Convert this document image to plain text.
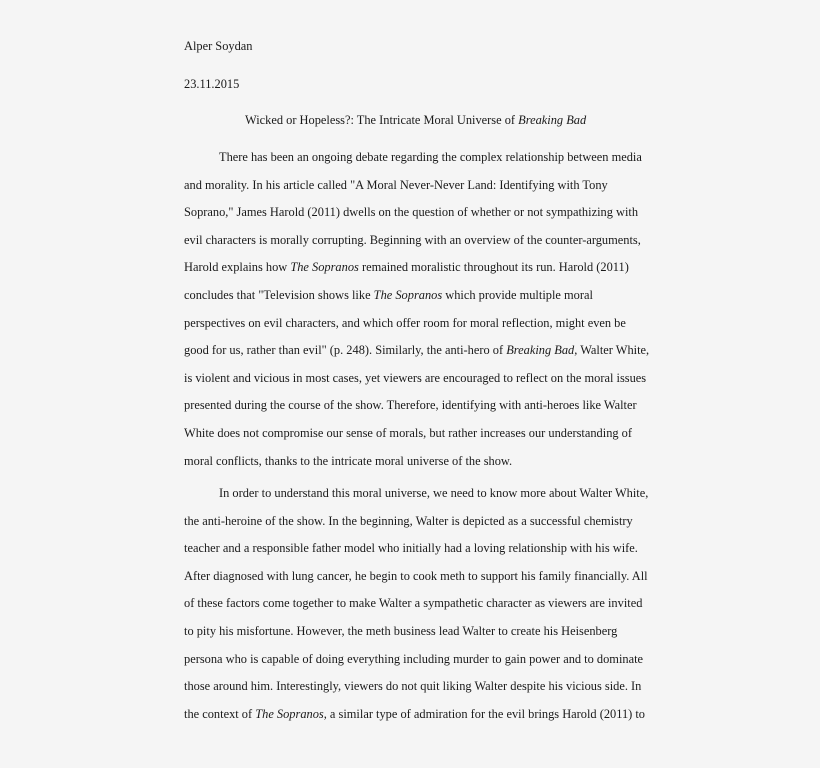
Alper Soydan
23.11.2015
Wicked or Hopeless?: The Intricate Moral Universe of Breaking Bad
There has been an ongoing debate regarding the complex relationship between media
and morality. In his article called "A Moral Never-Never Land: Identifying with Tony
Soprano," James Harold (2011) dwells on the question of whether or not sympathizing with
evil characters is morally corrupting. Beginning with an overview of the counter-arguments,
Harold explains how The Sopranos remained moralistic throughout its run. Harold (2011)
concludes that "Television shows like The Sopranos which provide multiple moral
perspectives on evil characters, and which offer room for moral reflection, might even be
good for us, rather than evil" (p. 248). Similarly, the anti-hero of Breaking Bad, Walter White,
is violent and vicious in most cases, yet viewers are encouraged to reflect on the moral issues
presented during the course of the show. Therefore, identifying with anti-heroes like Walter
White does not compromise our sense of morals, but rather increases our understanding of
moral conflicts, thanks to the intricate moral universe of the show.
In order to understand this moral universe, we need to know more about Walter White,
the anti-heroine of the show. In the beginning, Walter is depicted as a successful chemistry
teacher and a responsible father model who initially had a loving relationship with his wife.
After diagnosed with lung cancer, he begin to cook meth to support his family financially. All
of these factors come together to make Walter a sympathetic character as viewers are invited
to pity his misfortune. However, the meth business lead Walter to create his Heisenberg
persona who is capable of doing everything including murder to gain power and to dominate
those around him. Interestingly, viewers do not quit liking Walter despite his vicious side. In
the context of The Sopranos, a similar type of admiration for the evil brings Harold (2011) to
